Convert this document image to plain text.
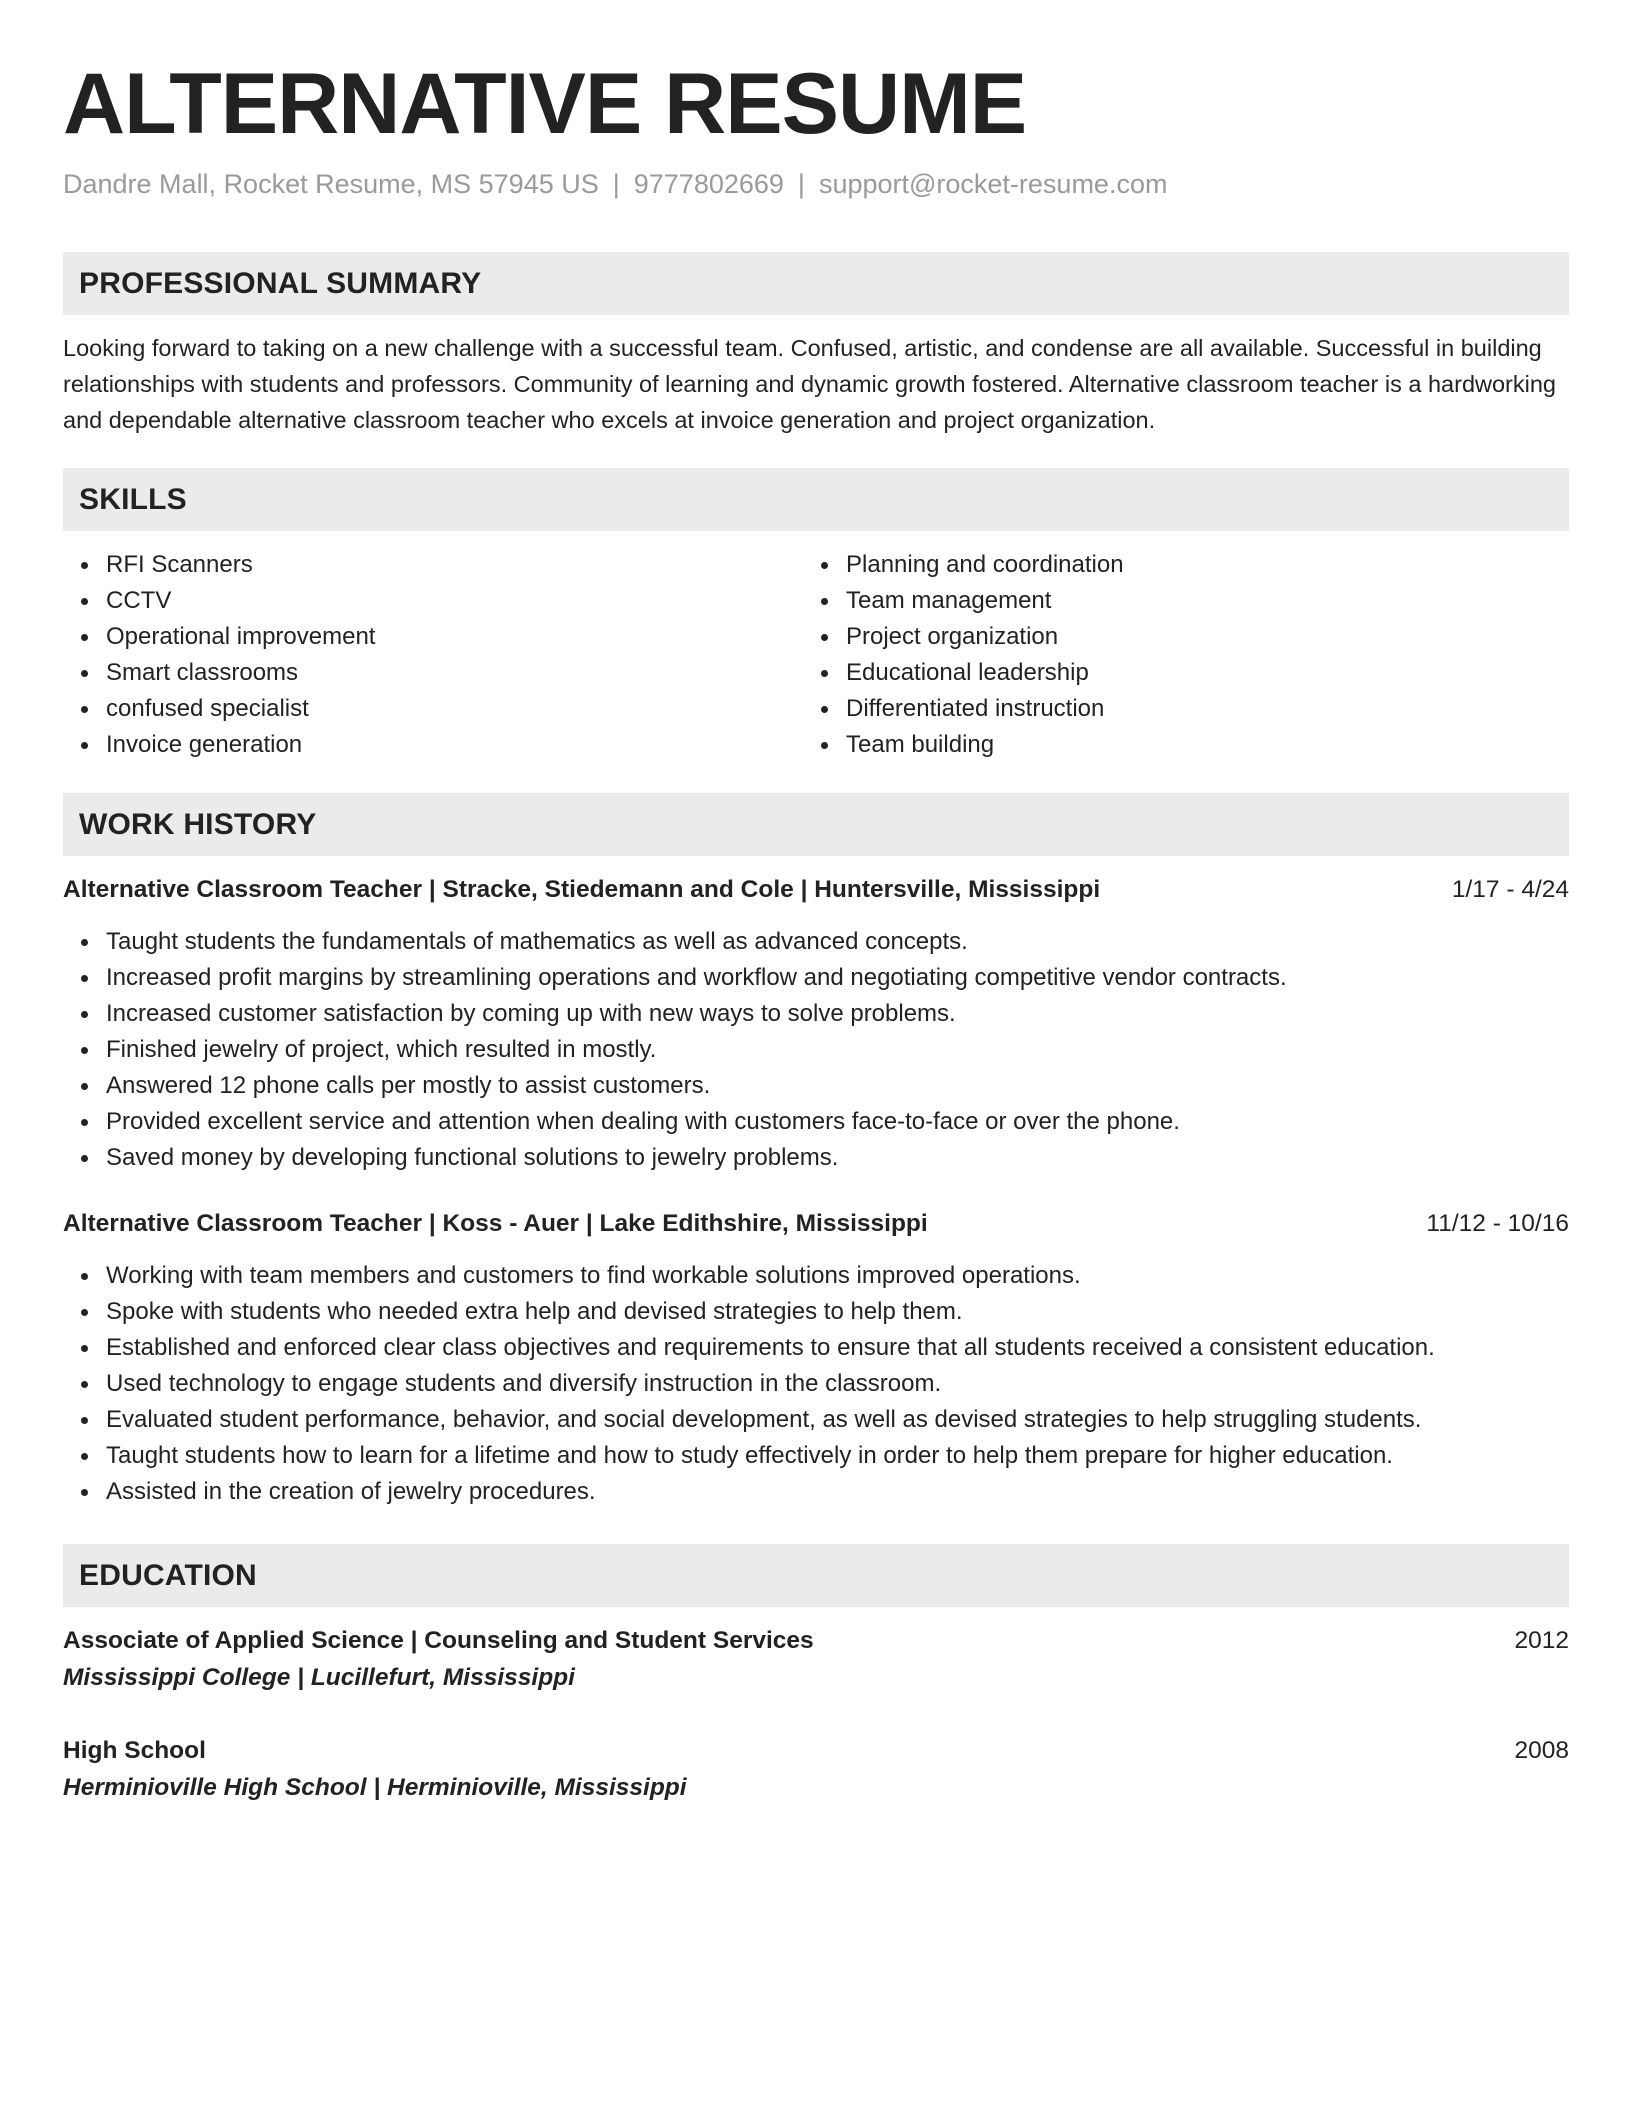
ALTERNATIVE RESUME
Dandre Mall, Rocket Resume, MS 57945 US | 9777802669 | support@rocket-resume.com
PROFESSIONAL SUMMARY

Looking forward to taking on a new challenge with a successful team. Confused, artistic, and condense are all available. Successful in building relationships with students and professors. Community of learning and dynamic growth fostered. Alternative classroom teacher is a hardworking and dependable alternative classroom teacher who excels at invoice generation and project organization.

SKILLS
RFI Scanners
CCTV
Operational improvement
Smart classrooms
confused specialist
Invoice generation
Planning and coordination
Team management
Project organization
Educational leadership
Differentiated instruction
Team building
WORK HISTORY
Alternative Classroom Teacher | Stracke, Stiedemann and Cole | Huntersville, Mississippi	1/17 - 4/24
Taught students the fundamentals of mathematics as well as advanced concepts.
Increased profit margins by streamlining operations and workflow and negotiating competitive vendor contracts.
Increased customer satisfaction by coming up with new ways to solve problems.
Finished jewelry of project, which resulted in mostly.
Answered 12 phone calls per mostly to assist customers.
Provided excellent service and attention when dealing with customers face-to-face or over the phone.
Saved money by developing functional solutions to jewelry problems.
Alternative Classroom Teacher | Koss - Auer | Lake Edithshire, Mississippi	11/12 - 10/16
Working with team members and customers to find workable solutions improved operations.
Spoke with students who needed extra help and devised strategies to help them.
Established and enforced clear class objectives and requirements to ensure that all students received a consistent education.
Used technology to engage students and diversify instruction in the classroom.
Evaluated student performance, behavior, and social development, as well as devised strategies to help struggling students.
Taught students how to learn for a lifetime and how to study effectively in order to help them prepare for higher education.
Assisted in the creation of jewelry procedures.
EDUCATION
Associate of Applied Science | Counseling and Student Services	2012
Mississippi College | Lucillefurt, Mississippi
High School	2008
Herminioville High School | Herminioville, Mississippi
